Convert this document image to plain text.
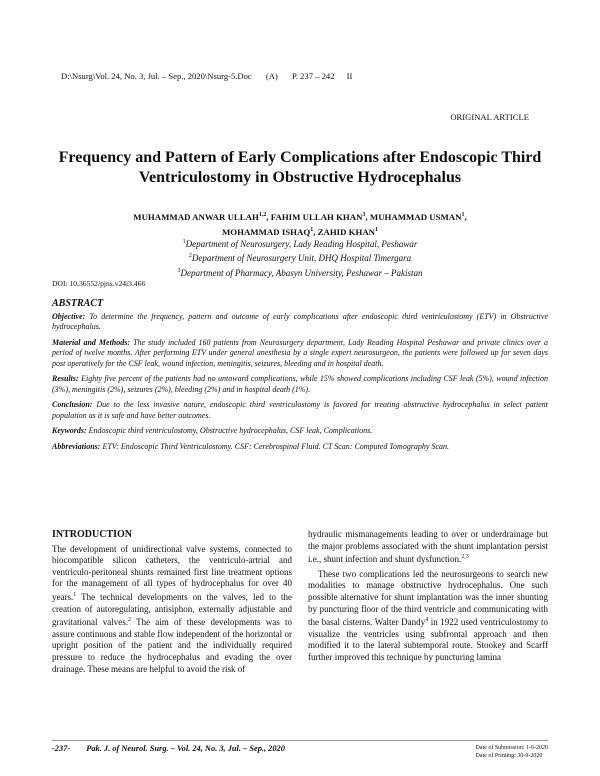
D:\Nsurg\Vol. 24, No. 3, Jul. – Sep., 2020\Nsurg-5.Doc (A) P. 237 – 242 II
ORIGINAL ARTICLE
Frequency and Pattern of Early Complications after Endoscopic Third Ventriculostomy in Obstructive Hydrocephalus
MUHAMMAD ANWAR ULLAH$^{1,2}$, FAHIM ULLAH KHAN$^3$, MUHAMMAD USMAN$^1$,
MOHAMMAD ISHAQ$^1$, ZAHID KHAN$^1$
$^1$Department of Neurosurgery, Lady Reading Hospital, Peshawar
$^2$Department of Neurosurgery Unit, DHQ Hospital Timergara
$^3$Department of Pharmacy, Abasyn University, Peshawar – Pakistan
DOI: 10.36552/pjns.v24i3.466
ABSTRACT

Objective: To determine the frequency, pattern and outcome of early complications after endoscopic third ventriculostomy (ETV) in Obstructive hydrocephalus.

Material and Methods: The study included 160 patients from Neurosurgery department, Lady Reading Hospital Peshawar and private clinics over a period of twelve months. After performing ETV under general anesthesia by a single expert neurosurgeon, the patients were followed up for seven days post operatively for the CSF leak, wound infection, meningitis, seizures, bleeding and in hospital death.

Results: Eighty five percent of the patients had no untoward complications, while 15% showed complications including CSF leak (5%), wound infection (3%), meningitis (2%), seizures (2%), bleeding (2%) and in hospital death (1%).

Conclusion: Due to the less invasive nature, endoscopic third ventriculostomy is favored for treating obstructive hydrocephalus in select patient population as it is safe and have better outcomes.

Keywords: Endoscopic third ventriculostomy, Obstructive hydrocephalus, CSF leak, Complications.

Abbreviations: ETV: Endoscopic Third Ventriculostomy. CSF: Cerebrospinal Fluid. CT Scan: Computed Tomography Scan.

INTRODUCTION

The development of unidirectional valve systems, connected to biocompatible silicon catheters, the ventriculo-artrial and ventriculo-peritoneal shunts remained first line treatment options for the management of all types of hydrocephalus for over 40 years.$^1$ The technical developments on the valves, led to the creation of autoregulating, antisiphon, externally adjustable and gravitational valves.$^2$ The aim of these developments was to assure continuous and stable flow independent of the horizontal or upright position of the patient and the individually required pressure to reduce the hydrocephalus and evading the over drainage. These means are helpful to avoid the risk of

hydraulic mismanagements leading to over or underdrainage but the major problems associated with the shunt implantation persist i.e., shunt infection and shunt dysfunction.$^{2,3}$

These two complications led the neurosurgeons to search new modalities to manage obstructive hydrocephalus. One such possible alternative for shunt implantation was the inner shunting by puncturing floor of the third ventricle and communicating with the basal cisterns. Walter Dandy$^4$ in 1922 used ventriculostomy to visualize the ventricles using subfrontal approach and then modified it to the lateral subtemporal route. Stookey and Scarff further improved this technique by puncturing lamina

-237- Pak. J. of Neurol. Surg. – Vol. 24, No. 3, Jul. – Sep., 2020	Date of Submission: 1-6-2020
Date of Printing: 30-9-2020
